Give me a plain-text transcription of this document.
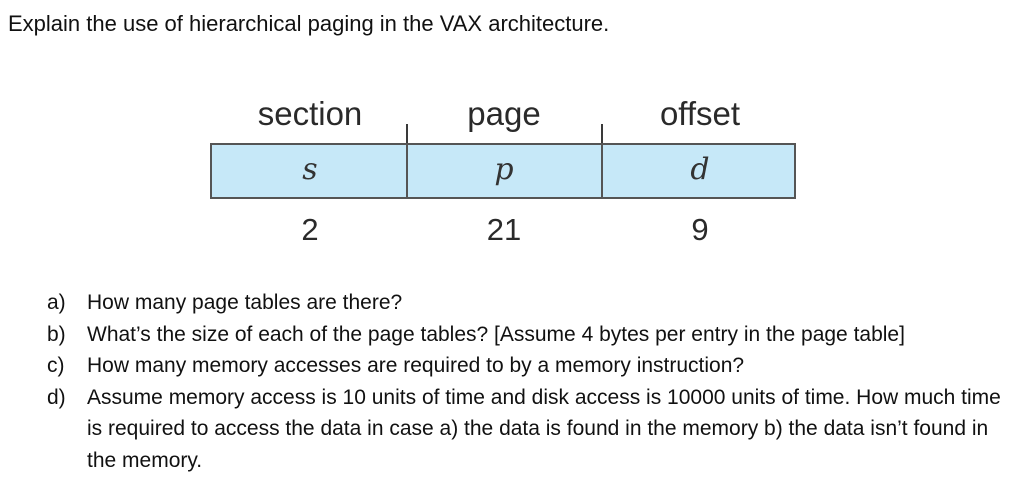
Explain the use of hierarchical paging in the VAX architecture.
section	page	offset
s	p	d
2	21	9
a) How many page tables are there?
b) What’s the size of each of the page tables? [Assume 4 bytes per entry in the page table]
c) How many memory accesses are required to by a memory instruction?
d) Assume memory access is 10 units of time and disk access is 10000 units of time. How much time is required to access the data in case a) the data is found in the memory b) the data isn’t found in the memory.
